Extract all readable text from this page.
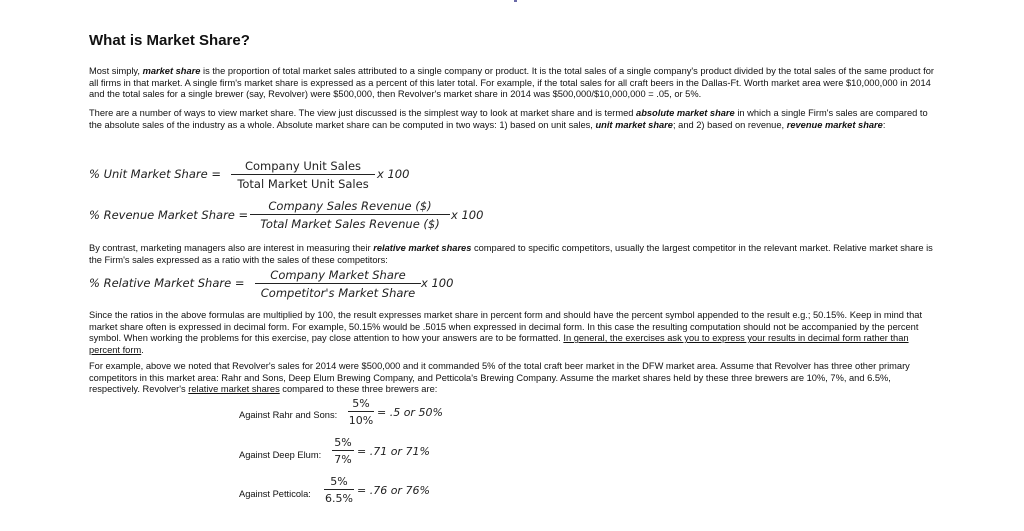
What is Market Share?

Most simply, market share is the proportion of total market sales attributed to a single company or product. It is the total sales of a single company's product divided by the total sales of the same product for all firms in that market. A single firm's market share is expressed as a percent of this later total. For example, if the total sales for all craft beers in the Dallas-Ft. Worth market area were $10,000,000 in 2014 and the total sales for a single brewer (say, Revolver) were $500,000, then Revolver's market share in 2014 was $500,000/$10,000,000 = .05, or 5%.

There are a number of ways to view market share. The view just discussed is the simplest way to look at market share and is termed absolute market share in which a single Firm's sales are compared to the absolute sales of the industry as a whole. Absolute market share can be computed in two ways: 1) based on unit sales, unit market share; and 2) based on revenue, revenue market share:

% Unit Market Share =
Company Unit Sales
Total Market Unit Sales
x 100
% Revenue Market Share =
Company Sales Revenue ($)
Total Market Sales Revenue ($)
x 100

By contrast, marketing managers also are interest in measuring their relative market shares compared to specific competitors, usually the largest competitor in the relevant market. Relative market share is the Firm's sales expressed as a ratio with the sales of these competitors:

% Relative Market Share =
Company Market Share
Competitor's Market Share
x 100

Since the ratios in the above formulas are multiplied by 100, the result expresses market share in percent form and should have the percent symbol appended to the result e.g.; 50.15%. Keep in mind that market share often is expressed in decimal form. For example, 50.15% would be .5015 when expressed in decimal form. In this case the resulting computation should not be accompanied by the percent symbol. When working the problems for this exercise, pay close attention to how your answers are to be formatted. In general, the exercises ask you to express your results in decimal form rather than percent form.

For example, above we noted that Revolver's sales for 2014 were $500,000 and it commanded 5% of the total craft beer market in the DFW market area. Assume that Revolver has three other primary competitors in this market area: Rahr and Sons, Deep Elum Brewing Company, and Petticola's Brewing Company. Assume the market shares held by these three brewers are 10%, 7%, and 6.5%, respectively. Revolver's relative market shares compared to these three brewers are:

Against Rahr and Sons:
5%
10%
= .5 or 50%
Against Deep Elum:
5%
7%
= .71 or 71%
Against Petticola:
5%
6.5%
= .76 or 76%
